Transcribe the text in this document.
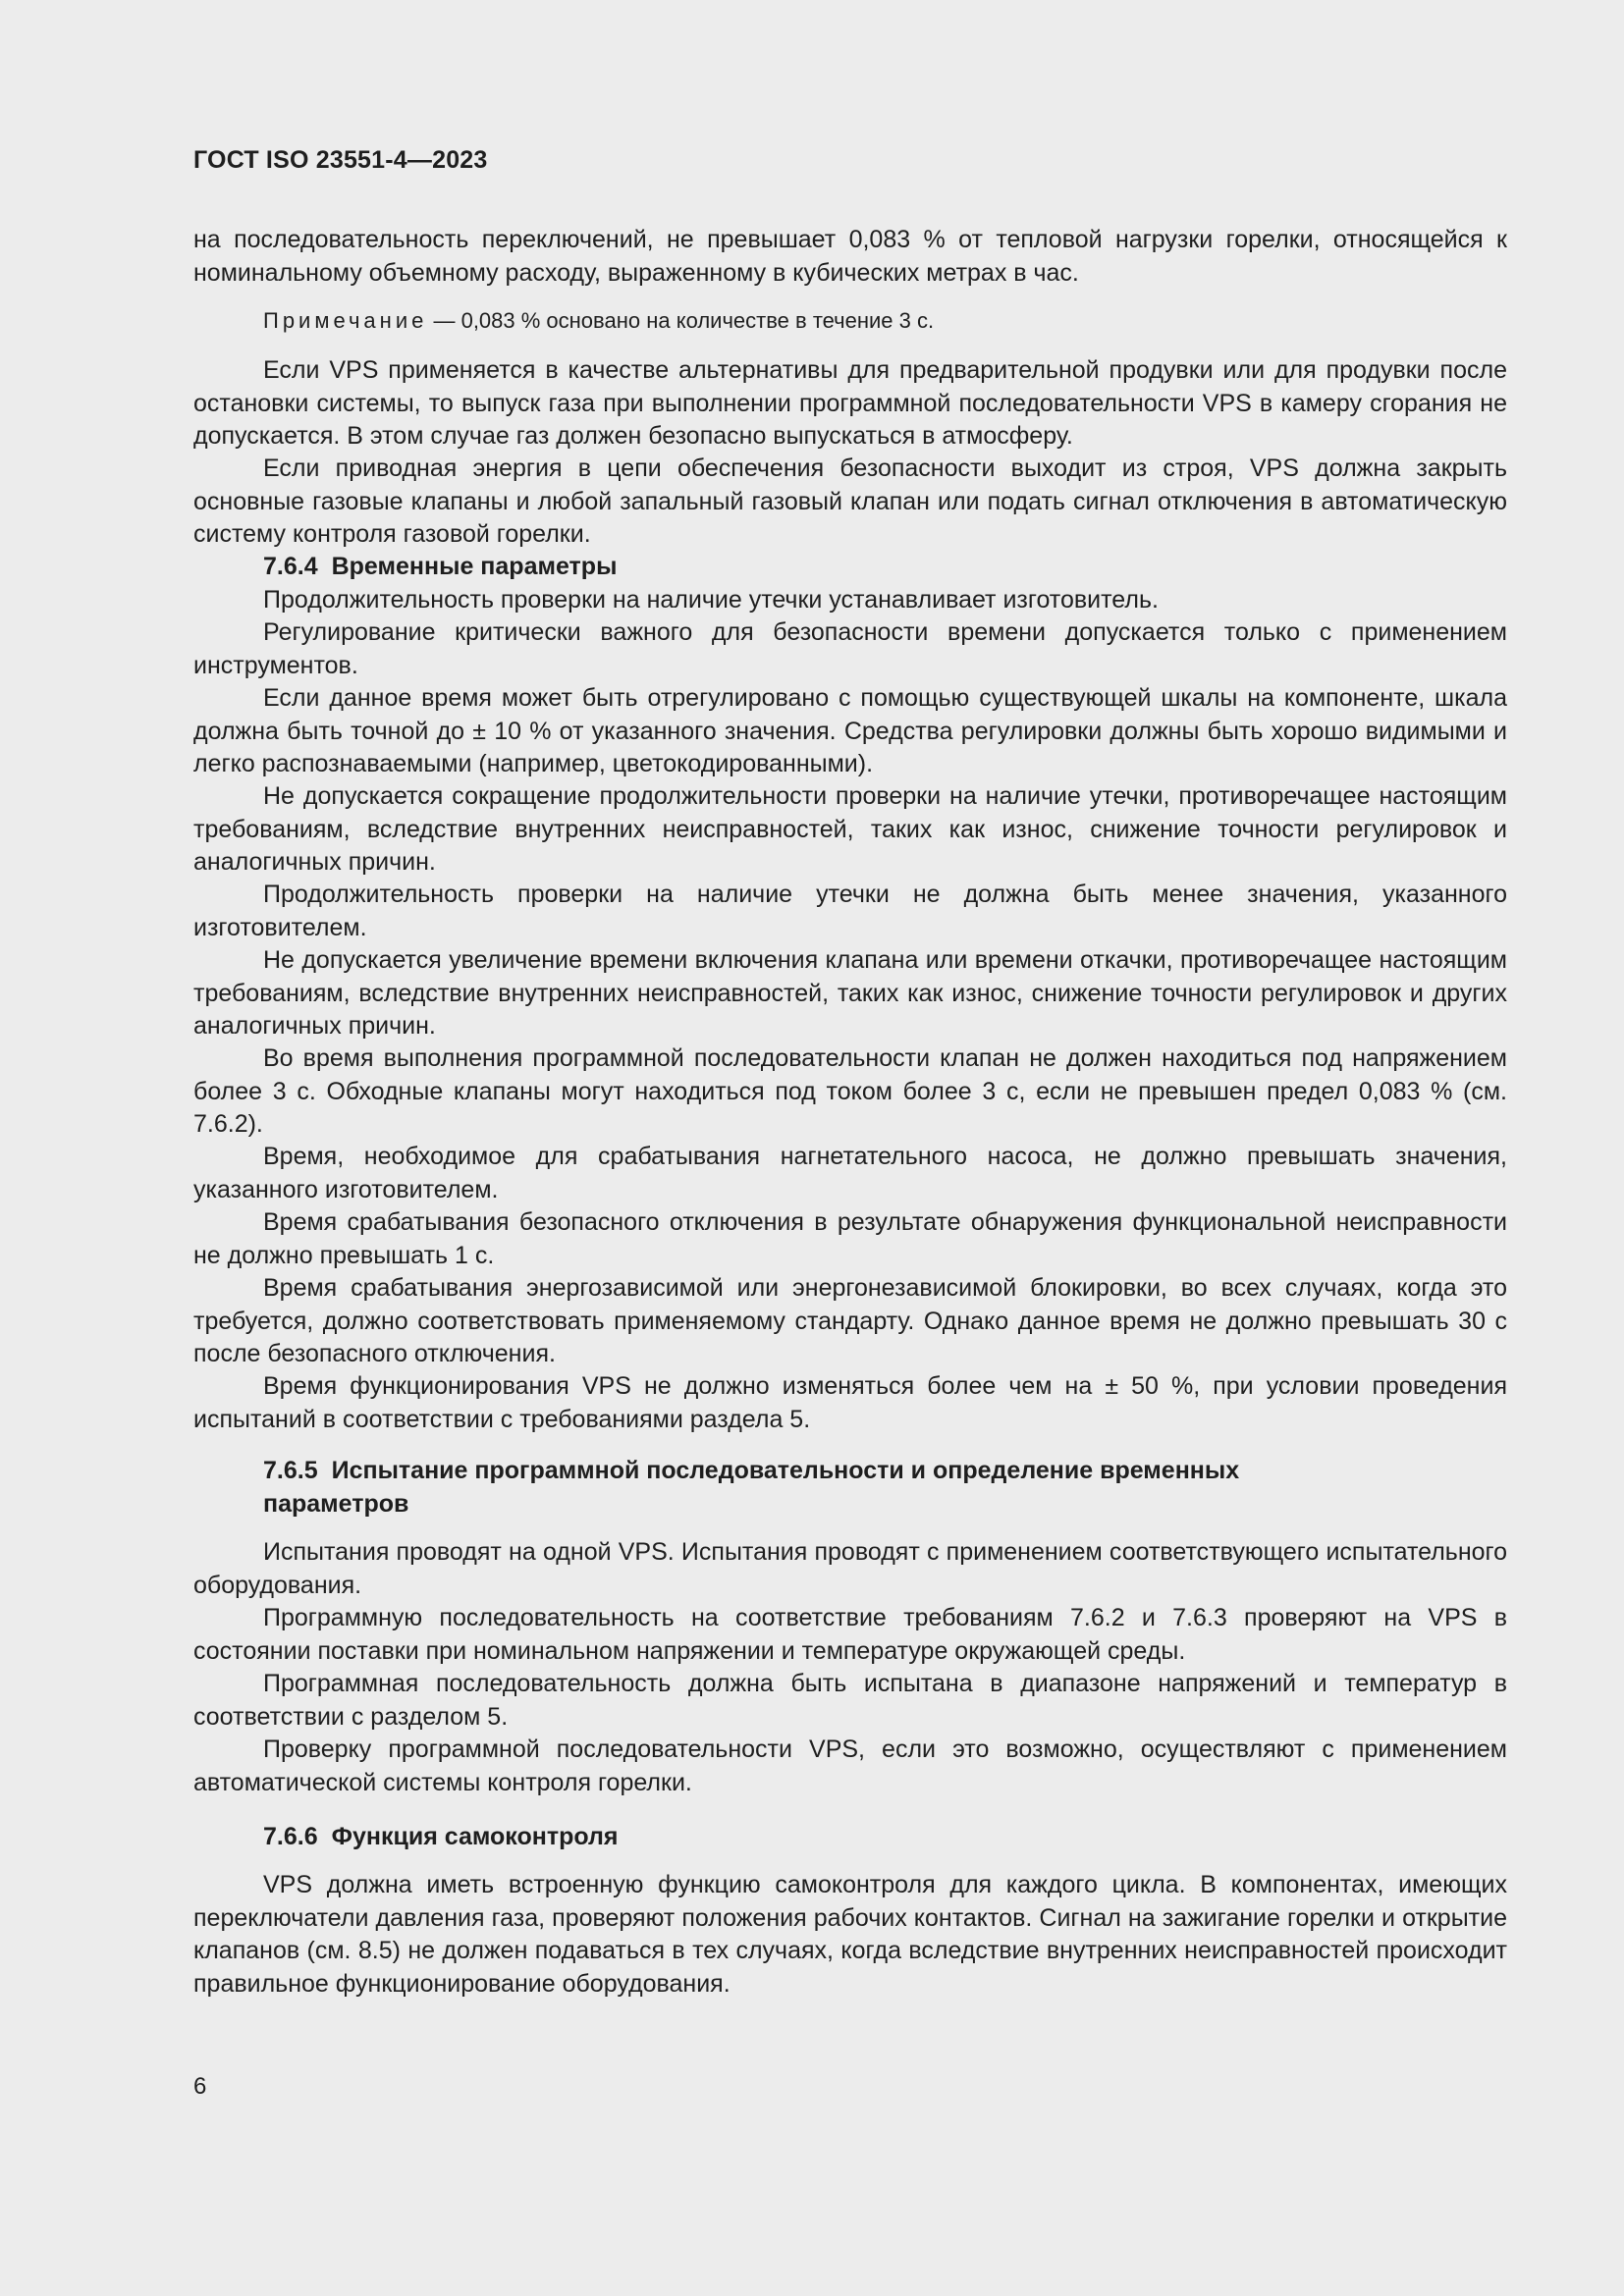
ГОСТ ISO 23551-4—2023

на последовательность переключений, не превышает 0,083 % от тепловой нагрузки горелки, относящейся к номинальному объемному расходу, выраженному в кубических метрах в час.

Примечание — 0,083 % основано на количестве в течение 3 с.

Если VPS применяется в качестве альтернативы для предварительной продувки или для продувки после остановки системы, то выпуск газа при выполнении программной последовательности VPS в камеру сгорания не допускается. В этом случае газ должен безопасно выпускаться в атмосферу.

Если приводная энергия в цепи обеспечения безопасности выходит из строя, VPS должна закрыть основные газовые клапаны и любой запальный газовый клапан или подать сигнал отключения в автоматическую систему контроля газовой горелки.

7.6.4 Временные параметры

Продолжительность проверки на наличие утечки устанавливает изготовитель.

Регулирование критически важного для безопасности времени допускается только с применением инструментов.

Если данное время может быть отрегулировано с помощью существующей шкалы на компоненте, шкала должна быть точной до ± 10 % от указанного значения. Средства регулировки должны быть хорошо видимыми и легко распознаваемыми (например, цветокодированными).

Не допускается сокращение продолжительности проверки на наличие утечки, противоречащее настоящим требованиям, вследствие внутренних неисправностей, таких как износ, снижение точности регулировок и аналогичных причин.

Продолжительность проверки на наличие утечки не должна быть менее значения, указанного изготовителем.

Не допускается увеличение времени включения клапана или времени откачки, противоречащее настоящим требованиям, вследствие внутренних неисправностей, таких как износ, снижение точности регулировок и других аналогичных причин.

Во время выполнения программной последовательности клапан не должен находиться под напряжением более 3 с. Обходные клапаны могут находиться под током более 3 с, если не превышен предел 0,083 % (см. 7.6.2).

Время, необходимое для срабатывания нагнетательного насоса, не должно превышать значения, указанного изготовителем.

Время срабатывания безопасного отключения в результате обнаружения функциональной неисправности не должно превышать 1 с.

Время срабатывания энергозависимой или энергонезависимой блокировки, во всех случаях, когда это требуется, должно соответствовать применяемому стандарту. Однако данное время не должно превышать 30 с после безопасного отключения.

Время функционирования VPS не должно изменяться более чем на ± 50 %, при условии проведения испытаний в соответствии с требованиями раздела 5.

7.6.5 Испытание программной последовательности и определение временных
параметров

Испытания проводят на одной VPS. Испытания проводят с применением соответствующего испытательного оборудования.

Программную последовательность на соответствие требованиям 7.6.2 и 7.6.3 проверяют на VPS в состоянии поставки при номинальном напряжении и температуре окружающей среды.

Программная последовательность должна быть испытана в диапазоне напряжений и температур в соответствии с разделом 5.

Проверку программной последовательности VPS, если это возможно, осуществляют с применением автоматической системы контроля горелки.

7.6.6 Функция самоконтроля

VPS должна иметь встроенную функцию самоконтроля для каждого цикла. В компонентах, имеющих переключатели давления газа, проверяют положения рабочих контактов. Сигнал на зажигание горелки и открытие клапанов (см. 8.5) не должен подаваться в тех случаях, когда вследствие внутренних неисправностей происходит правильное функционирование оборудования.

6
